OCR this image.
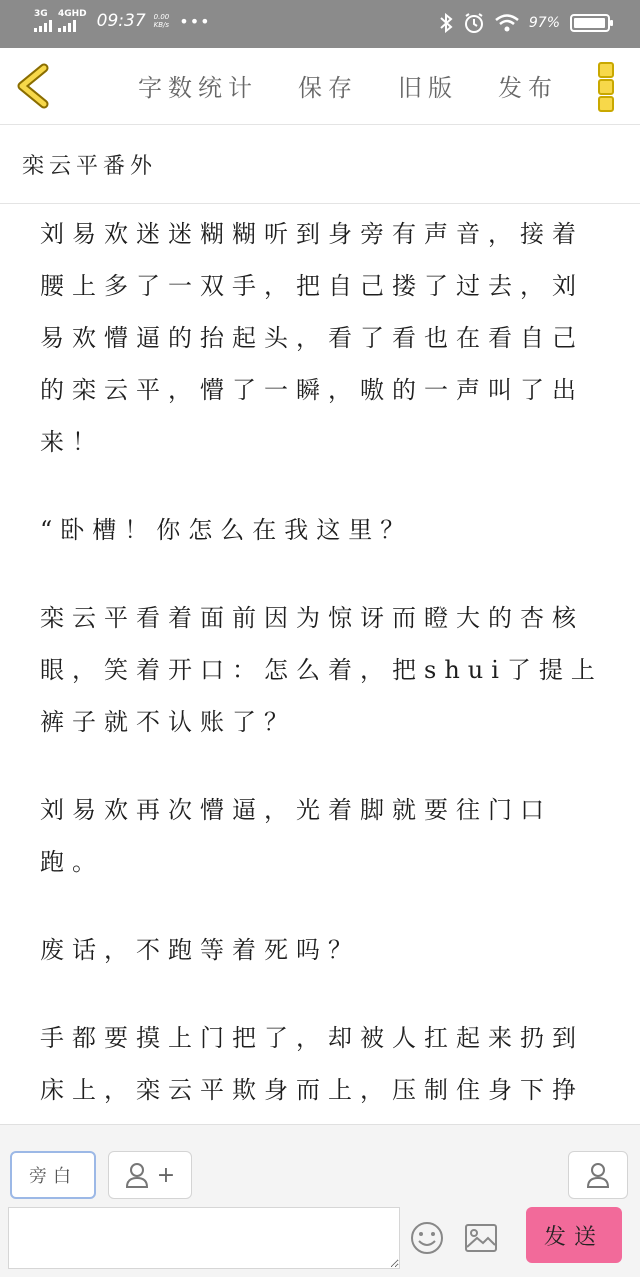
3G 4GHD 09:37 0.00
KB/s •••	97%
字数统计 保存 旧版 发布
栾云平番外

刘易欢迷迷糊糊听到身旁有声音，接着腰上多了一双手，把自己搂了过去，刘易欢懵逼的抬起头，看了看也在看自己的栾云平，懵了一瞬，嗷的一声叫了出来！

“卧槽！你怎么在我这里？

栾云平看着面前因为惊讶而瞪大的杏核眼，笑着开口：怎么着，把shui了提上裤子就不认账了？

刘易欢再次懵逼，光着脚就要往门口跑。

废话，不跑等着死吗？

手都要摸上门把了，却被人扛起来扔到床上，栾云平欺身而上，压制住身下挣

旁白	+
发送
